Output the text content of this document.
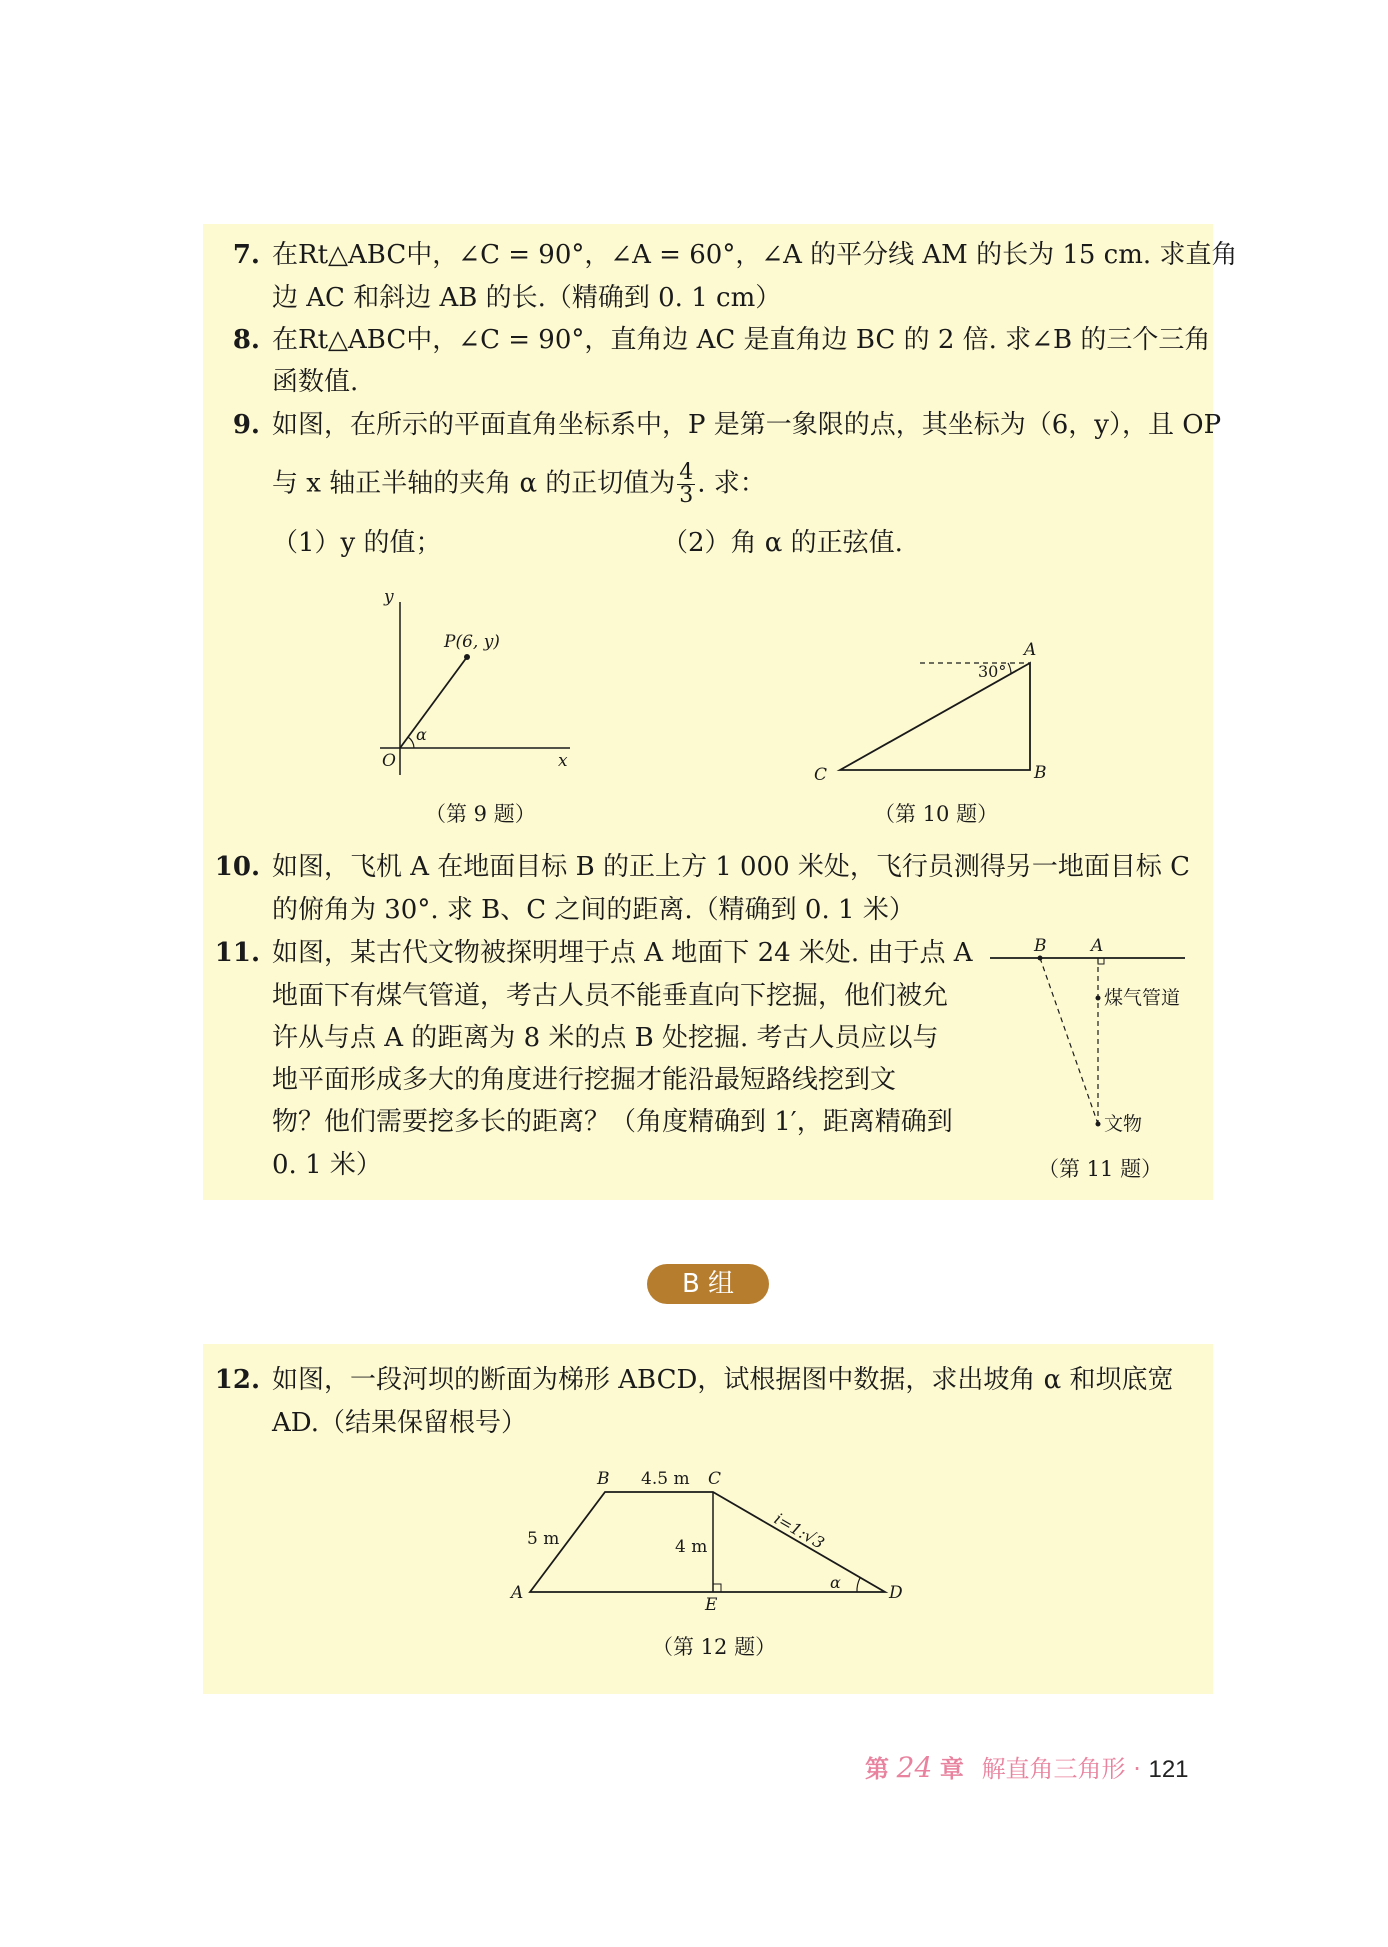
7. 在Rt△ABC中，∠C = 90°，∠A = 60°，∠A 的平分线 AM 的长为 15 cm. 求直角
边 AC 和斜边 AB 的长.（精确到 0. 1 cm）
8. 在Rt△ABC中，∠C = 90°，直角边 AC 是直角边 BC 的 2 倍. 求∠B 的三个三角
函数值.
9. 如图，在所示的平面直角坐标系中，P 是第一象限的点，其坐标为（6，y），且 OP
与 x 轴正半轴的夹角 α 的正切值为 $\frac{4}{3}$ . 求：
（1）y 的值；	（2）角 α 的正弦值.
y
x
O
P(6, y)
α
（第 9 题）
A
B
C
30°
（第 10 题）
10. 如图，飞机 A 在地面目标 B 的正上方 1 000 米处，飞行员测得另一地面目标 C
的俯角为 30°. 求 B、C 之间的距离.（精确到 0. 1 米）
11. 如图，某古代文物被探明埋于点 A 地面下 24 米处. 由于点 A
地面下有煤气管道，考古人员不能垂直向下挖掘，他们被允
许从与点 A 的距离为 8 米的点 B 处挖掘. 考古人员应以与
地平面形成多大的角度进行挖掘才能沿最短路线挖到文
物？他们需要挖多长的距离？（角度精确到 1′，距离精确到
0. 1 米）
B	A
煤气管道
文物
（第 11 题）
B 组
12. 如图，一段河坝的断面为梯形 ABCD，试根据图中数据，求出坡角 α 和坝底宽
AD.（结果保留根号）
A
B	C
D
E
4.5 m
5 m	4 m	i=1:√3
α
（第 12 题）
第 24 章 解直角三角形 · 121
